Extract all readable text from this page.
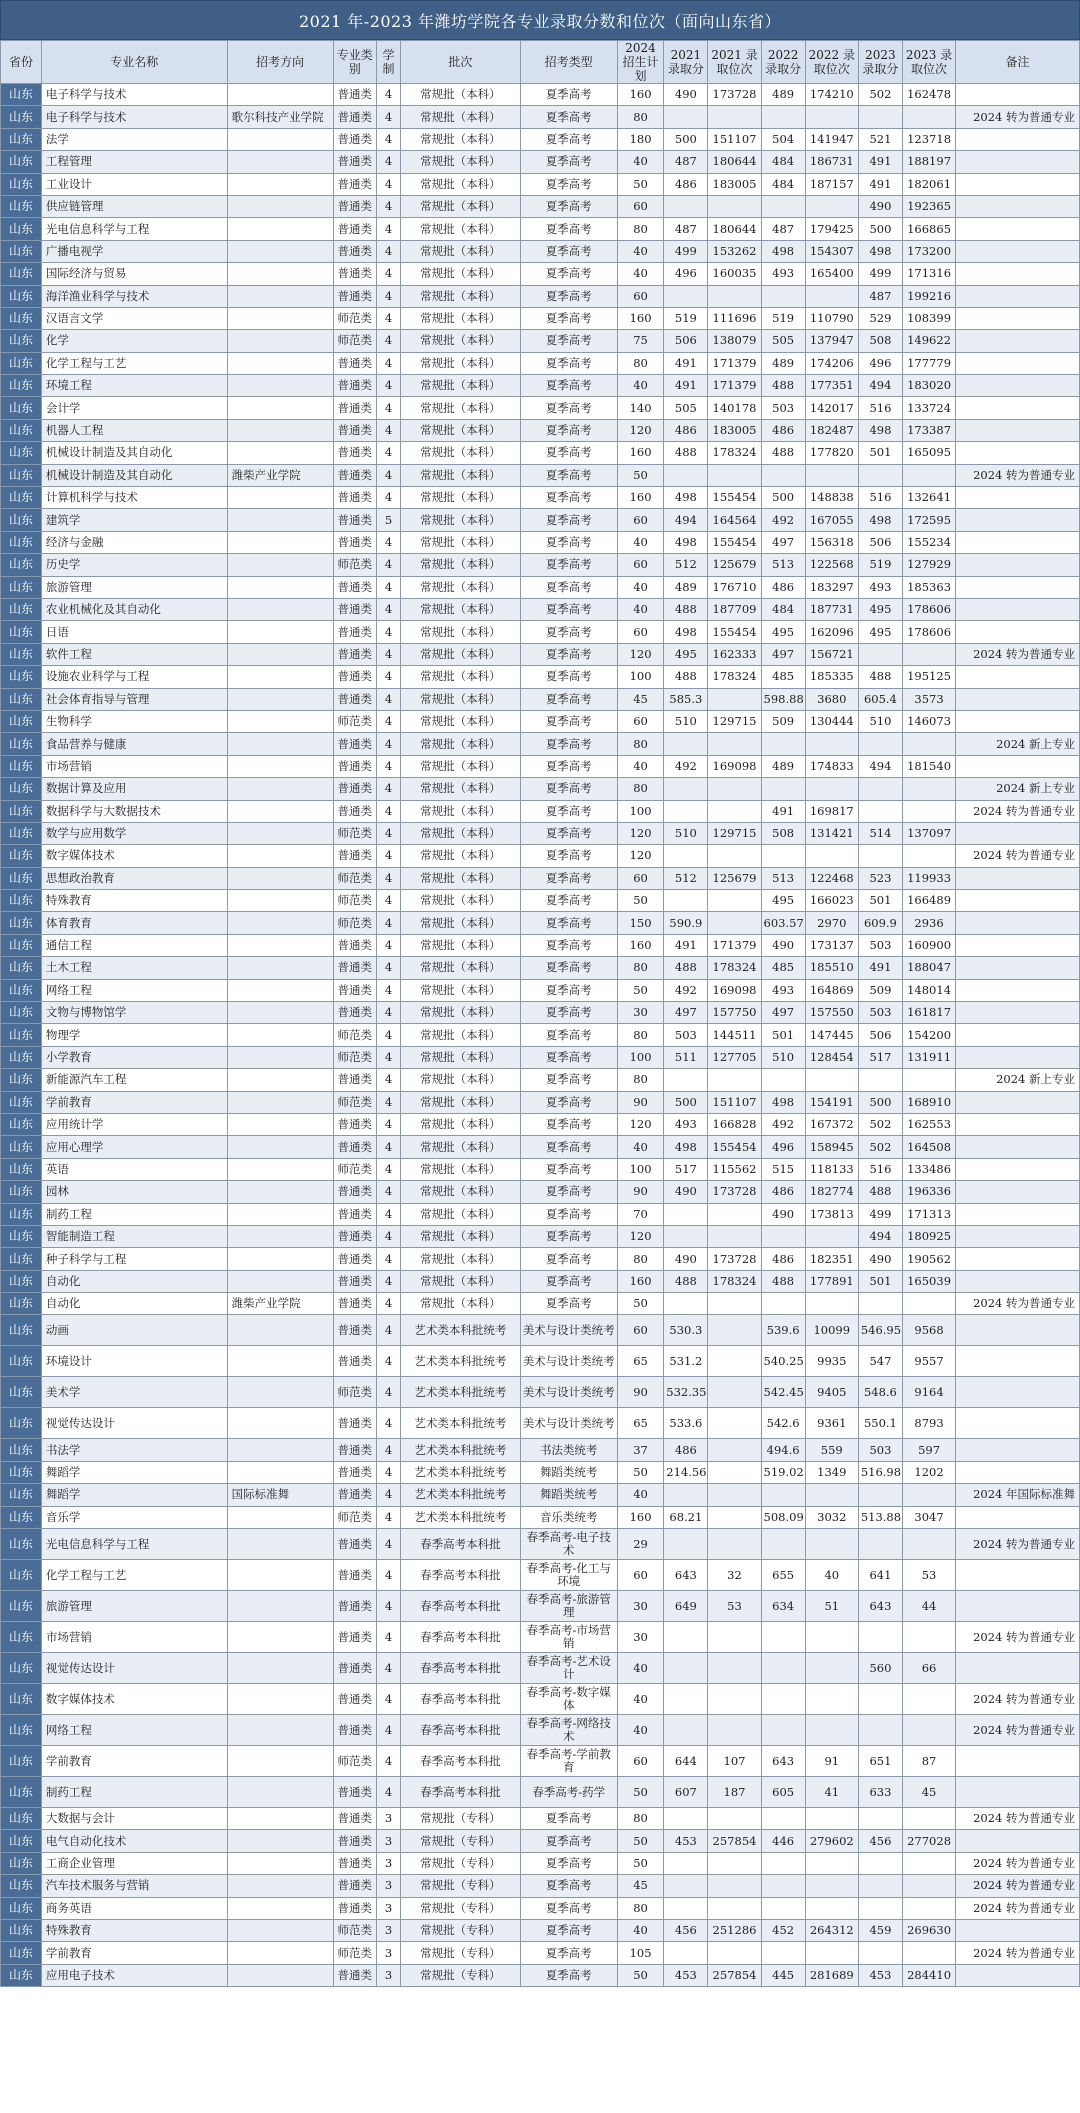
2021 年-2023 年潍坊学院各专业录取分数和位次（面向山东省）
省份	专业名称	招考方向	专业类别	学制	批次	招考类型	2024 招生计划	2021 录取分	2021 录取位次	2022 录取分	2022 录取位次	2023 录取分	2023 录取位次	备注
山东	电子科学与技术		普通类	4	常规批（本科）	夏季高考	160	490	173728	489	174210	502	162478	
山东	电子科学与技术	歌尔科技产业学院	普通类	4	常规批（本科）	夏季高考	80							2024 转为普通专业
山东	法学		普通类	4	常规批（本科）	夏季高考	180	500	151107	504	141947	521	123718	
山东	工程管理		普通类	4	常规批（本科）	夏季高考	40	487	180644	484	186731	491	188197	
山东	工业设计		普通类	4	常规批（本科）	夏季高考	50	486	183005	484	187157	491	182061	
山东	供应链管理		普通类	4	常规批（本科）	夏季高考	60					490	192365	
山东	光电信息科学与工程		普通类	4	常规批（本科）	夏季高考	80	487	180644	487	179425	500	166865	
山东	广播电视学		普通类	4	常规批（本科）	夏季高考	40	499	153262	498	154307	498	173200	
山东	国际经济与贸易		普通类	4	常规批（本科）	夏季高考	40	496	160035	493	165400	499	171316	
山东	海洋渔业科学与技术		普通类	4	常规批（本科）	夏季高考	60					487	199216	
山东	汉语言文学		师范类	4	常规批（本科）	夏季高考	160	519	111696	519	110790	529	108399	
山东	化学		师范类	4	常规批（本科）	夏季高考	75	506	138079	505	137947	508	149622	
山东	化学工程与工艺		普通类	4	常规批（本科）	夏季高考	80	491	171379	489	174206	496	177779	
山东	环境工程		普通类	4	常规批（本科）	夏季高考	40	491	171379	488	177351	494	183020	
山东	会计学		普通类	4	常规批（本科）	夏季高考	140	505	140178	503	142017	516	133724	
山东	机器人工程		普通类	4	常规批（本科）	夏季高考	120	486	183005	486	182487	498	173387	
山东	机械设计制造及其自动化		普通类	4	常规批（本科）	夏季高考	160	488	178324	488	177820	501	165095	
山东	机械设计制造及其自动化	潍柴产业学院	普通类	4	常规批（本科）	夏季高考	50							2024 转为普通专业
山东	计算机科学与技术		普通类	4	常规批（本科）	夏季高考	160	498	155454	500	148838	516	132641	
山东	建筑学		普通类	5	常规批（本科）	夏季高考	60	494	164564	492	167055	498	172595	
山东	经济与金融		普通类	4	常规批（本科）	夏季高考	40	498	155454	497	156318	506	155234	
山东	历史学		师范类	4	常规批（本科）	夏季高考	60	512	125679	513	122568	519	127929	
山东	旅游管理		普通类	4	常规批（本科）	夏季高考	40	489	176710	486	183297	493	185363	
山东	农业机械化及其自动化		普通类	4	常规批（本科）	夏季高考	40	488	187709	484	187731	495	178606	
山东	日语		普通类	4	常规批（本科）	夏季高考	60	498	155454	495	162096	495	178606	
山东	软件工程		普通类	4	常规批（本科）	夏季高考	120	495	162333	497	156721			2024 转为普通专业
山东	设施农业科学与工程		普通类	4	常规批（本科）	夏季高考	100	488	178324	485	185335	488	195125	
山东	社会体育指导与管理		普通类	4	常规批（本科）	夏季高考	45	585.3		598.88	3680	605.4	3573	
山东	生物科学		师范类	4	常规批（本科）	夏季高考	60	510	129715	509	130444	510	146073	
山东	食品营养与健康		普通类	4	常规批（本科）	夏季高考	80							2024 新上专业
山东	市场营销		普通类	4	常规批（本科）	夏季高考	40	492	169098	489	174833	494	181540	
山东	数据计算及应用		普通类	4	常规批（本科）	夏季高考	80							2024 新上专业
山东	数据科学与大数据技术		普通类	4	常规批（本科）	夏季高考	100			491	169817			2024 转为普通专业
山东	数学与应用数学		师范类	4	常规批（本科）	夏季高考	120	510	129715	508	131421	514	137097	
山东	数字媒体技术		普通类	4	常规批（本科）	夏季高考	120							2024 转为普通专业
山东	思想政治教育		师范类	4	常规批（本科）	夏季高考	60	512	125679	513	122468	523	119933	
山东	特殊教育		师范类	4	常规批（本科）	夏季高考	50			495	166023	501	166489	
山东	体育教育		师范类	4	常规批（本科）	夏季高考	150	590.9		603.57	2970	609.9	2936	
山东	通信工程		普通类	4	常规批（本科）	夏季高考	160	491	171379	490	173137	503	160900	
山东	土木工程		普通类	4	常规批（本科）	夏季高考	80	488	178324	485	185510	491	188047	
山东	网络工程		普通类	4	常规批（本科）	夏季高考	50	492	169098	493	164869	509	148014	
山东	文物与博物馆学		普通类	4	常规批（本科）	夏季高考	30	497	157750	497	157550	503	161817	
山东	物理学		师范类	4	常规批（本科）	夏季高考	80	503	144511	501	147445	506	154200	
山东	小学教育		师范类	4	常规批（本科）	夏季高考	100	511	127705	510	128454	517	131911	
山东	新能源汽车工程		普通类	4	常规批（本科）	夏季高考	80							2024 新上专业
山东	学前教育		师范类	4	常规批（本科）	夏季高考	90	500	151107	498	154191	500	168910	
山东	应用统计学		普通类	4	常规批（本科）	夏季高考	120	493	166828	492	167372	502	162553	
山东	应用心理学		普通类	4	常规批（本科）	夏季高考	40	498	155454	496	158945	502	164508	
山东	英语		师范类	4	常规批（本科）	夏季高考	100	517	115562	515	118133	516	133486	
山东	园林		普通类	4	常规批（本科）	夏季高考	90	490	173728	486	182774	488	196336	
山东	制药工程		普通类	4	常规批（本科）	夏季高考	70			490	173813	499	171313	
山东	智能制造工程		普通类	4	常规批（本科）	夏季高考	120					494	180925	
山东	种子科学与工程		普通类	4	常规批（本科）	夏季高考	80	490	173728	486	182351	490	190562	
山东	自动化		普通类	4	常规批（本科）	夏季高考	160	488	178324	488	177891	501	165039	
山东	自动化	潍柴产业学院	普通类	4	常规批（本科）	夏季高考	50							2024 转为普通专业
山东	动画		普通类	4	艺术类本科批统考	美术与设计类统考	60	530.3		539.6	10099	546.95	9568	
山东	环境设计		普通类	4	艺术类本科批统考	美术与设计类统考	65	531.2		540.25	9935	547	9557	
山东	美术学		师范类	4	艺术类本科批统考	美术与设计类统考	90	532.35		542.45	9405	548.6	9164	
山东	视觉传达设计		普通类	4	艺术类本科批统考	美术与设计类统考	65	533.6		542.6	9361	550.1	8793	
山东	书法学		普通类	4	艺术类本科批统考	书法类统考	37	486		494.6	559	503	597	
山东	舞蹈学		普通类	4	艺术类本科批统考	舞蹈类统考	50	214.56		519.02	1349	516.98	1202	
山东	舞蹈学	国际标准舞	普通类	4	艺术类本科批统考	舞蹈类统考	40							2024 年国际标准舞
山东	音乐学		师范类	4	艺术类本科批统考	音乐类统考	160	68.21		508.09	3032	513.88	3047	
山东	光电信息科学与工程		普通类	4	春季高考本科批	春季高考-电子技术	29							2024 转为普通专业
山东	化学工程与工艺		普通类	4	春季高考本科批	春季高考-化工与环境	60	643	32	655	40	641	53	
山东	旅游管理		普通类	4	春季高考本科批	春季高考-旅游管理	30	649	53	634	51	643	44	
山东	市场营销		普通类	4	春季高考本科批	春季高考-市场营销	30							2024 转为普通专业
山东	视觉传达设计		普通类	4	春季高考本科批	春季高考-艺术设计	40					560	66	
山东	数字媒体技术		普通类	4	春季高考本科批	春季高考-数字媒体	40							2024 转为普通专业
山东	网络工程		普通类	4	春季高考本科批	春季高考-网络技术	40							2024 转为普通专业
山东	学前教育		师范类	4	春季高考本科批	春季高考-学前教育	60	644	107	643	91	651	87	
山东	制药工程		普通类	4	春季高考本科批	春季高考-药学	50	607	187	605	41	633	45	
山东	大数据与会计		普通类	3	常规批（专科）	夏季高考	80							2024 转为普通专业
山东	电气自动化技术		普通类	3	常规批（专科）	夏季高考	50	453	257854	446	279602	456	277028	
山东	工商企业管理		普通类	3	常规批（专科）	夏季高考	50							2024 转为普通专业
山东	汽车技术服务与营销		普通类	3	常规批（专科）	夏季高考	45							2024 转为普通专业
山东	商务英语		普通类	3	常规批（专科）	夏季高考	80							2024 转为普通专业
山东	特殊教育		师范类	3	常规批（专科）	夏季高考	40	456	251286	452	264312	459	269630	
山东	学前教育		师范类	3	常规批（专科）	夏季高考	105							2024 转为普通专业
山东	应用电子技术		普通类	3	常规批（专科）	夏季高考	50	453	257854	445	281689	453	284410	
